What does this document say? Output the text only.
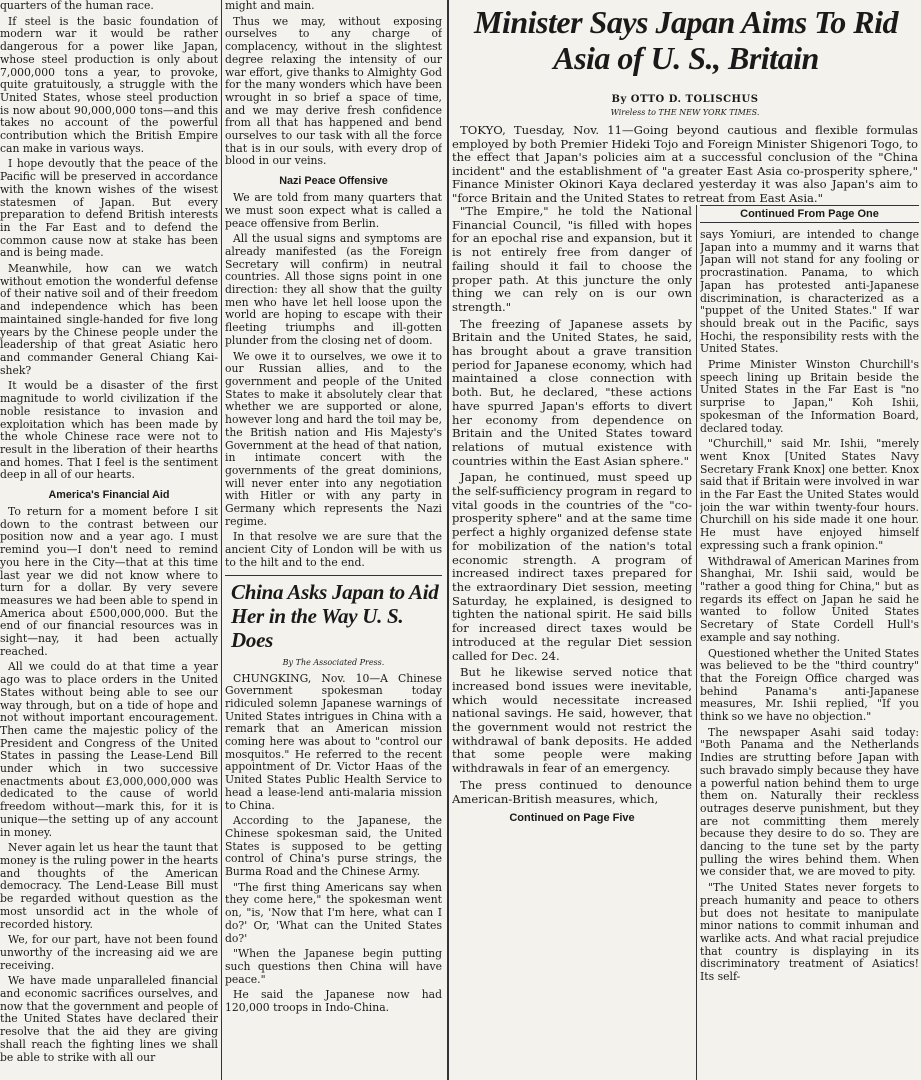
quarters of the human race.

If steel is the basic foundation of modern war it would be rather dangerous for a power like Japan, whose steel production is only about 7,000,000 tons a year, to provoke, quite gratuitously, a struggle with the United States, whose steel production is now about 90,000,000 tons—and this takes no account of the powerful contribution which the British Empire can make in various ways.

I hope devoutly that the peace of the Pacific will be preserved in accordance with the known wishes of the wisest statesmen of Japan. But every preparation to defend British interests in the Far East and to defend the common cause now at stake has been and is being made.

Meanwhile, how can we watch without emotion the wonderful defense of their native soil and of their freedom and independence which has been maintained single-handed for five long years by the Chinese people under the leadership of that great Asiatic hero and commander General Chiang Kai-shek?

It would be a disaster of the first magnitude to world civilization if the noble resistance to invasion and exploitation which has been made by the whole Chinese race were not to result in the liberation of their hearths and homes. That I feel is the sentiment deep in all of our hearts.

America's Financial Aid

To return for a moment before I sit down to the contrast between our position now and a year ago. I must remind you—I don't need to remind you here in the City—that at this time last year we did not know where to turn for a dollar. By very severe measures we had been able to spend in America about £500,000,000. But the end of our financial resources was in sight—nay, it had been actually reached.

All we could do at that time a year ago was to place orders in the United States without being able to see our way through, but on a tide of hope and not without important encouragement. Then came the majestic policy of the President and Congress of the United States in passing the Lease-Lend Bill under which in two successive enactments about £3,000,000,000 was dedicated to the cause of world freedom without—mark this, for it is unique—the setting up of any account in money.

Never again let us hear the taunt that money is the ruling power in the hearts and thoughts of the American democracy. The Lend-Lease Bill must be regarded without question as the most unsordid act in the whole of recorded history.

We, for our part, have not been found unworthy of the increasing aid we are receiving.

We have made unparalleled financial and economic sacrifices ourselves, and now that the government and people of the United States have declared their resolve that the aid they are giving shall reach the fighting lines we shall be able to strike with all our

might and main.

Thus we may, without exposing ourselves to any charge of complacency, without in the slightest degree relaxing the intensity of our war effort, give thanks to Almighty God for the many wonders which have been wrought in so brief a space of time, and we may derive fresh confidence from all that has happened and bend ourselves to our task with all the force that is in our souls, with every drop of blood in our veins.

Nazi Peace Offensive

We are told from many quarters that we must soon expect what is called a peace offensive from Berlin.

All the usual signs and symptoms are already manifested (as the Foreign Secretary will confirm) in neutral countries. All those signs point in one direction: they all show that the guilty men who have let hell loose upon the world are hoping to escape with their fleeting triumphs and ill-gotten plunder from the closing net of doom.

We owe it to ourselves, we owe it to our Russian allies, and to the government and people of the United States to make it absolutely clear that whether we are supported or alone, however long and hard the toil may be, the British nation and His Majesty's Government at the head of that nation, in intimate concert with the governments of the great dominions, will never enter into any negotiation with Hitler or with any party in Germany which represents the Nazi regime.

In that resolve we are sure that the ancient City of London will be with us to the hilt and to the end.

China Asks Japan to Aid Her in the Way U. S. Does
By The Associated Press.

CHUNGKING, Nov. 10—A Chinese Government spokesman today ridiculed solemn Japanese warnings of United States intrigues in China with a remark that an American mission coming here was about to "control our mosquitos." He referred to the recent appointment of Dr. Victor Haas of the United States Public Health Service to head a lease-lend anti-malaria mission to China.

According to the Japanese, the Chinese spokesman said, the United States is supposed to be getting control of China's purse strings, the Burma Road and the Chinese Army.

"The first thing Americans say when they come here," the spokesman went on, "is, 'Now that I'm here, what can I do?' Or, 'What can the United States do?'

"When the Japanese begin putting such questions then China will have peace."

He said the Japanese now had 120,000 troops in Indo-China.

Minister Says Japan Aims To Rid Asia of U. S., Britain
By OTTO D. TOLISCHUS
Wireless to THE NEW YORK TIMES.

TOKYO, Tuesday, Nov. 11—Going beyond cautious and flexible formulas employed by both Premier Hideki Tojo and Foreign Minister Shigenori Togo, to the effect that Japan's policies aim at a successful conclusion of the "China incident" and the establishment of "a greater East Asia co-prosperity sphere," Finance Minister Okinori Kaya declared yesterday it was also Japan's aim to "force Britain and the United States to retreat from East Asia."

"The Empire," he told the National Financial Council, "is filled with hopes for an epochal rise and expansion, but it is not entirely free from danger of failing should it fail to choose the proper path. At this juncture the only thing we can rely on is our own strength."

The freezing of Japanese assets by Britain and the United States, he said, has brought about a grave transition period for Japanese economy, which had maintained a close connection with both. But, he declared, "these actions have spurred Japan's efforts to divert her economy from dependence on Britain and the United States toward relations of mutual existence with countries within the East Asian sphere."

Japan, he continued, must speed up the self-sufficiency program in regard to vital goods in the countries of the "co-prosperity sphere" and at the same time perfect a highly organized defense state for mobilization of the nation's total economic strength. A program of increased indirect taxes prepared for the extraordinary Diet session, meeting Saturday, he explained, is designed to tighten the national spirit. He said bills for increased direct taxes would be introduced at the regular Diet session called for Dec. 24.

But he likewise served notice that increased bond issues were inevitable, which would necessitate increased national savings. He said, however, that the government would not restrict the withdrawal of bank deposits. He added that some people were making withdrawals in fear of an emergency.

The press continued to denounce American-British measures, which,

Continued on Page Five
Continued From Page One

says Yomiuri, are intended to change Japan into a mummy and it warns that Japan will not stand for any fooling or procrastination. Panama, to which Japan has protested anti-Japanese discrimination, is characterized as a "puppet of the United States." If war should break out in the Pacific, says Hochi, the responsibility rests with the United States.

Prime Minister Winston Churchill's speech lining up Britain beside the United States in the Far East is "no surprise to Japan," Koh Ishii, spokesman of the Information Board, declared today.

"Churchill," said Mr. Ishii, "merely went Knox [United States Navy Secretary Frank Knox] one better. Knox said that if Britain were involved in war in the Far East the United States would join the war within twenty-four hours. Churchill on his side made it one hour. He must have enjoyed himself expressing such a frank opinion."

Withdrawal of American Marines from Shanghai, Mr. Ishii said, would be "rather a good thing for China," but as regards its effect on Japan he said he wanted to follow United States Secretary of State Cordell Hull's example and say nothing.

Questioned whether the United States was believed to be the "third country" that the Foreign Office charged was behind Panama's anti-Japanese measures, Mr. Ishii replied, "If you think so we have no objection."

The newspaper Asahi said today: "Both Panama and the Netherlands Indies are strutting before Japan with such bravado simply because they have a powerful nation behind them to urge them on. Naturally their reckless outrages deserve punishment, but they are not committing them merely because they desire to do so. They are dancing to the tune set by the party pulling the wires behind them. When we consider that, we are moved to pity.

"The United States never forgets to preach humanity and peace to others but does not hesitate to manipulate minor nations to commit inhuman and warlike acts. And what racial prejudice that country is displaying in its discriminatory treatment of Asiatics! Its self-
